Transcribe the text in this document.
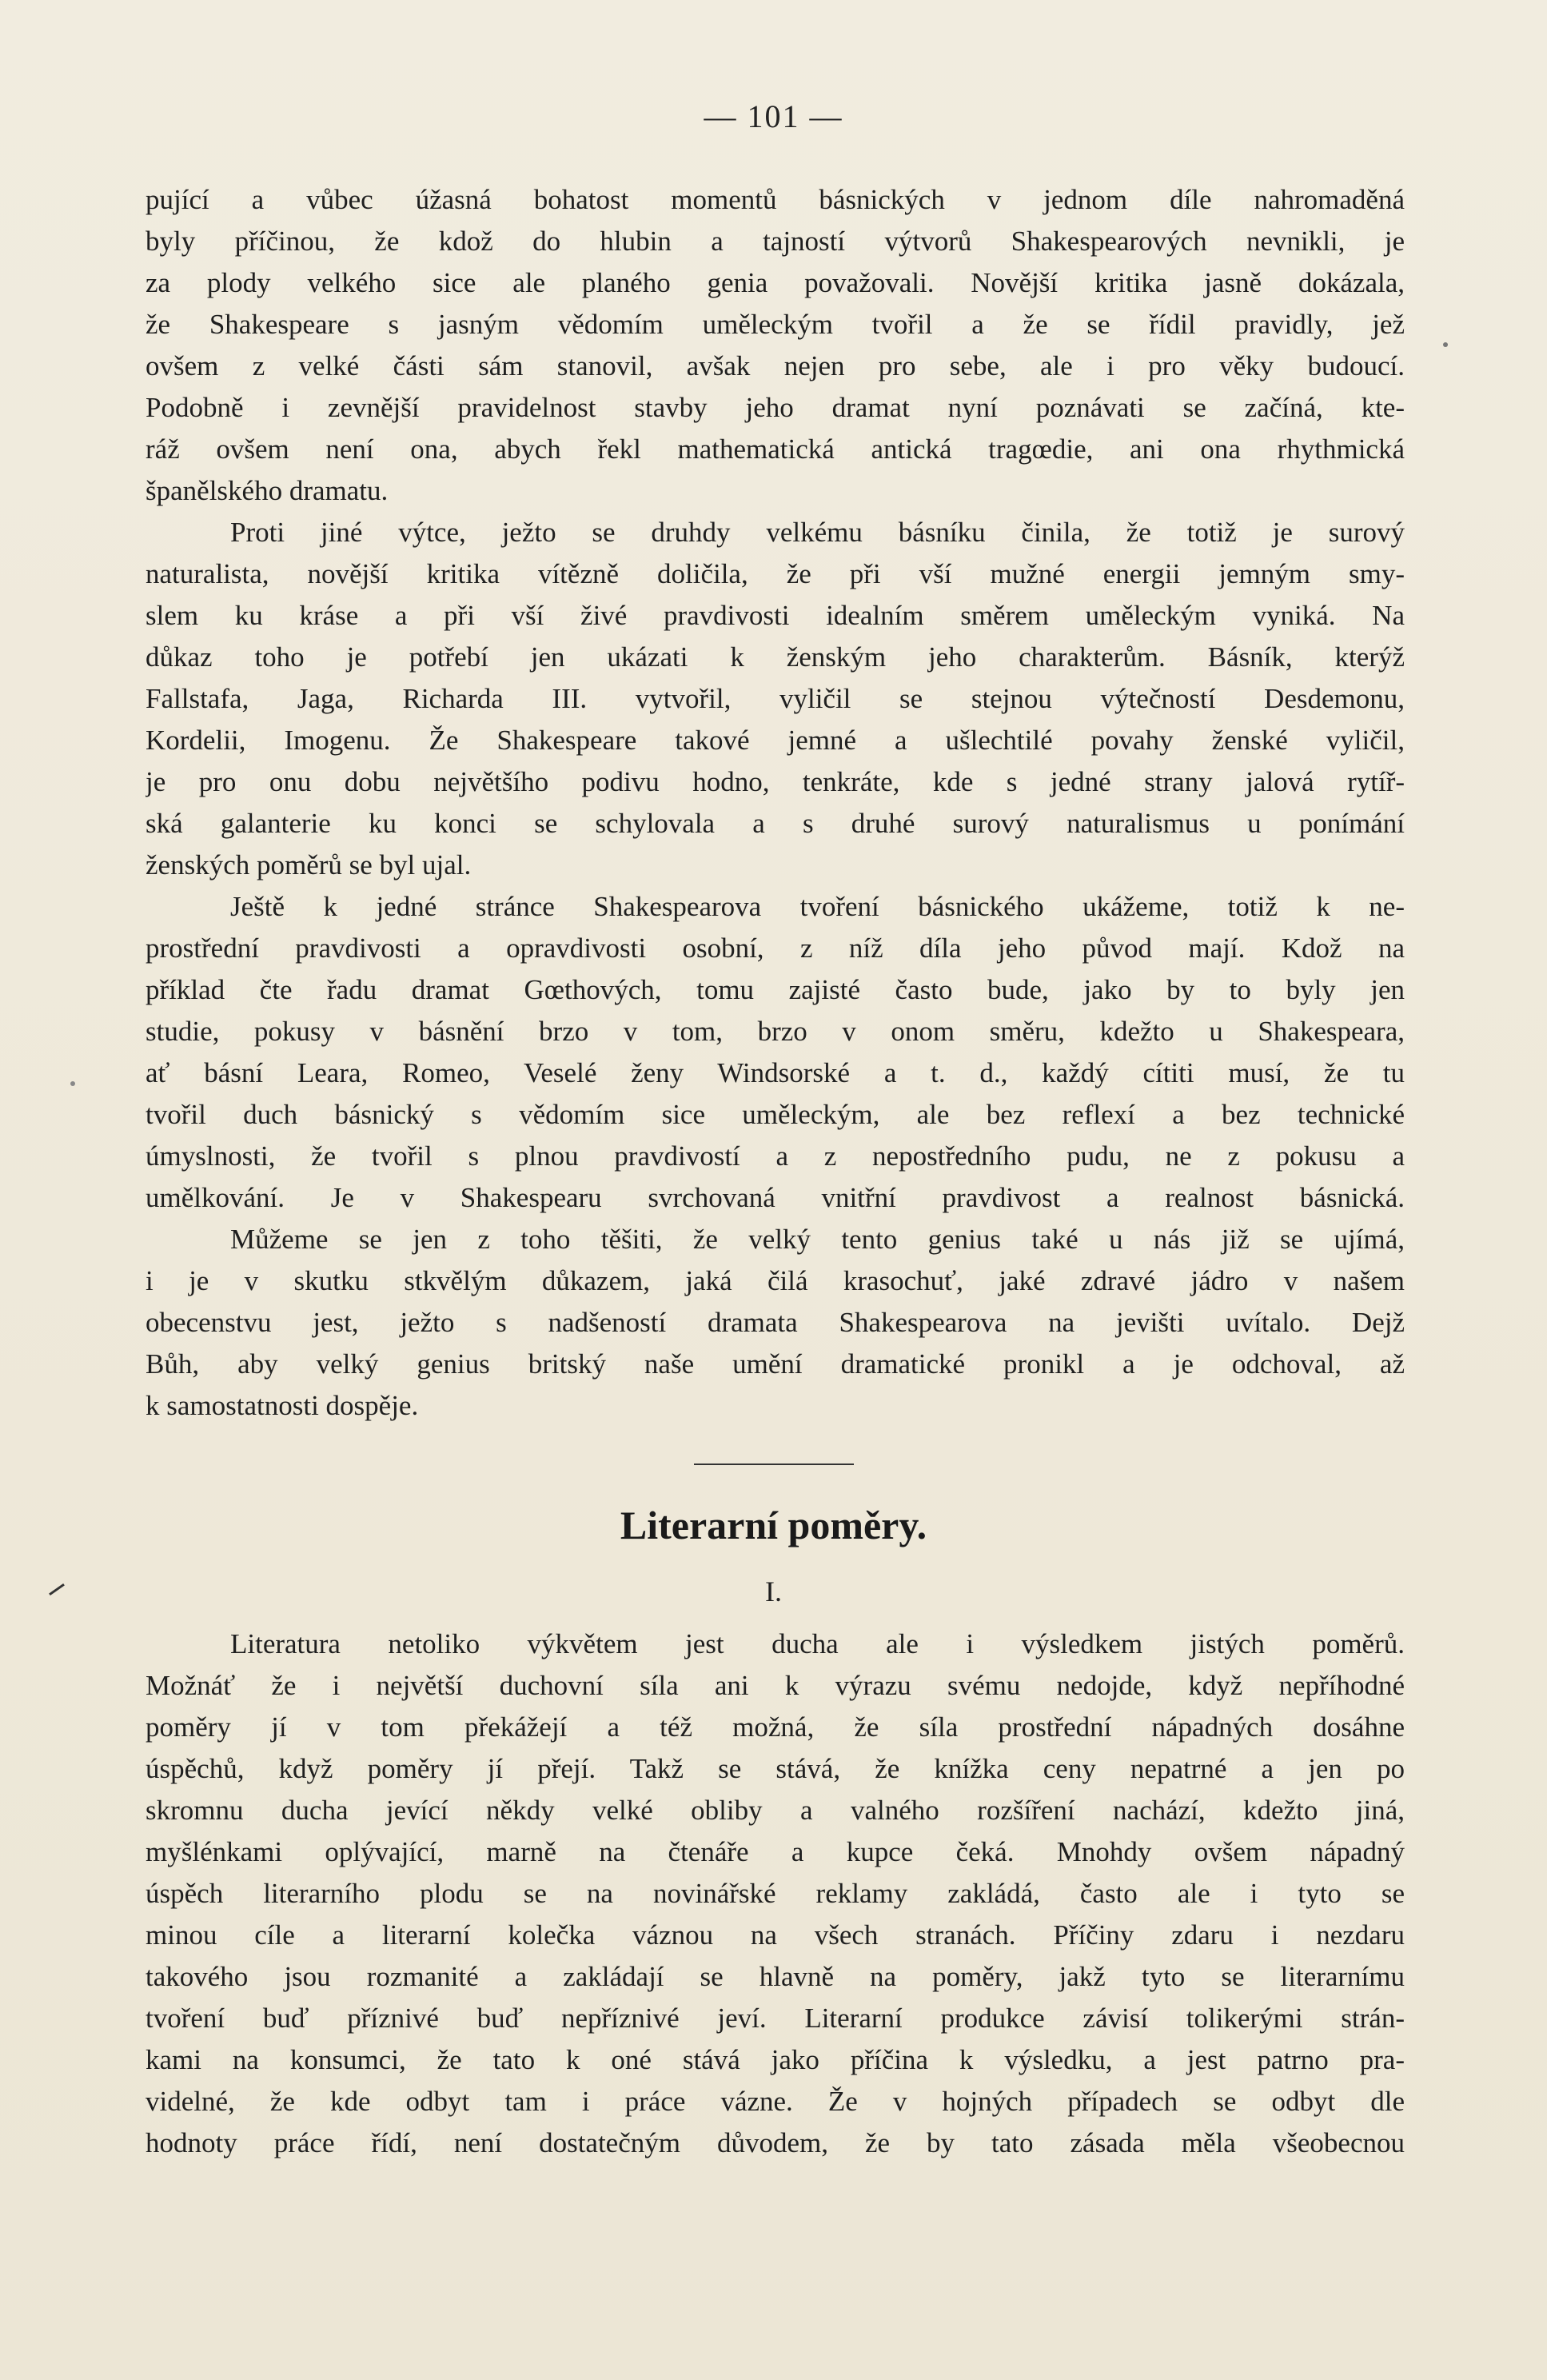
— 101 —
pující a vůbec úžasná bohatost momentů básnických v jednom díle nahromaděná
byly příčinou, že kdož do hlubin a tajností výtvorů Shakespearových nevnikli, je
za plody velkého sice ale planého genia považovali. Novější kritika jasně dokázala,
že Shakespeare s jasným vědomím uměleckým tvořil a že se řídil pravidly, jež
ovšem z velké části sám stanovil, avšak nejen pro sebe, ale i pro věky budoucí.
Podobně i zevnější pravidelnost stavby jeho dramat nyní poznávati se začíná, kte-
ráž ovšem není ona, abych řekl mathematická antická tragœdie, ani ona rhythmická
španělského dramatu.
Proti jiné výtce, ježto se druhdy velkému básníku činila, že totiž je surový
naturalista, novější kritika vítězně doličila, že při vší mužné energii jemným smy-
slem ku kráse a při vší živé pravdivosti idealním směrem uměleckým vyniká. Na
důkaz toho je potřebí jen ukázati k ženským jeho charakterům. Básník, kterýž
Fallstafa, Jaga, Richarda III. vytvořil, vyličil se stejnou výtečností Desdemonu,
Kordelii, Imogenu. Že Shakespeare takové jemné a ušlechtilé povahy ženské vyličil,
je pro onu dobu největšího podivu hodno, tenkráte, kde s jedné strany jalová rytíř-
ská galanterie ku konci se schylovala a s druhé surový naturalismus u ponímání
ženských poměrů se byl ujal.
Ještě k jedné stránce Shakespearova tvoření básnického ukážeme, totiž k ne-
prostřední pravdivosti a opravdivosti osobní, z níž díla jeho původ mají. Kdož na
příklad čte řadu dramat Gœthových, tomu zajisté často bude, jako by to byly jen
studie, pokusy v básnění brzo v tom, brzo v onom směru, kdežto u Shakespeara,
ať básní Leara, Romeo, Veselé ženy Windsorské a t. d., každý cítiti musí, že tu
tvořil duch básnický s vědomím sice uměleckým, ale bez reflexí a bez technické
úmyslnosti, že tvořil s plnou pravdivostí a z nepostředního pudu, ne z pokusu a
umělkování. Je v Shakespearu svrchovaná vnitřní pravdivost a realnost básnická.
Můžeme se jen z toho těšiti, že velký tento genius také u nás již se ujímá,
i je v skutku stkvělým důkazem, jaká čilá krasochuť, jaké zdravé jádro v našem
obecenstvu jest, ježto s nadšeností dramata Shakespearova na jevišti uvítalo. Dejž
Bůh, aby velký genius britský naše umění dramatické pronikl a je odchoval, až
k samostatnosti dospěje.
Literarní poměry.
I.
Literatura netoliko výkvětem jest ducha ale i výsledkem jistých poměrů.
Možnáť že i největší duchovní síla ani k výrazu svému nedojde, když nepříhodné
poměry jí v tom překážejí a též možná, že síla prostřední nápadných dosáhne
úspěchů, když poměry jí přejí. Takž se stává, že knížka ceny nepatrné a jen po
skromnu ducha jevící někdy velké obliby a valného rozšíření nachází, kdežto jiná,
myšlénkami oplývající, marně na čtenáře a kupce čeká. Mnohdy ovšem nápadný
úspěch literarního plodu se na novinářské reklamy zakládá, často ale i tyto se
minou cíle a literarní kolečka váznou na všech stranách. Příčiny zdaru i nezdaru
takového jsou rozmanité a zakládají se hlavně na poměry, jakž tyto se literarnímu
tvoření buď příznivé buď nepříznivé jeví. Literarní produkce závisí tolikerými strán-
kami na konsumci, že tato k oné stává jako příčina k výsledku, a jest patrno pra-
videlné, že kde odbyt tam i práce vázne. Že v hojných případech se odbyt dle
hodnoty práce řídí, není dostatečným důvodem, že by tato zásada měla všeobecnou
